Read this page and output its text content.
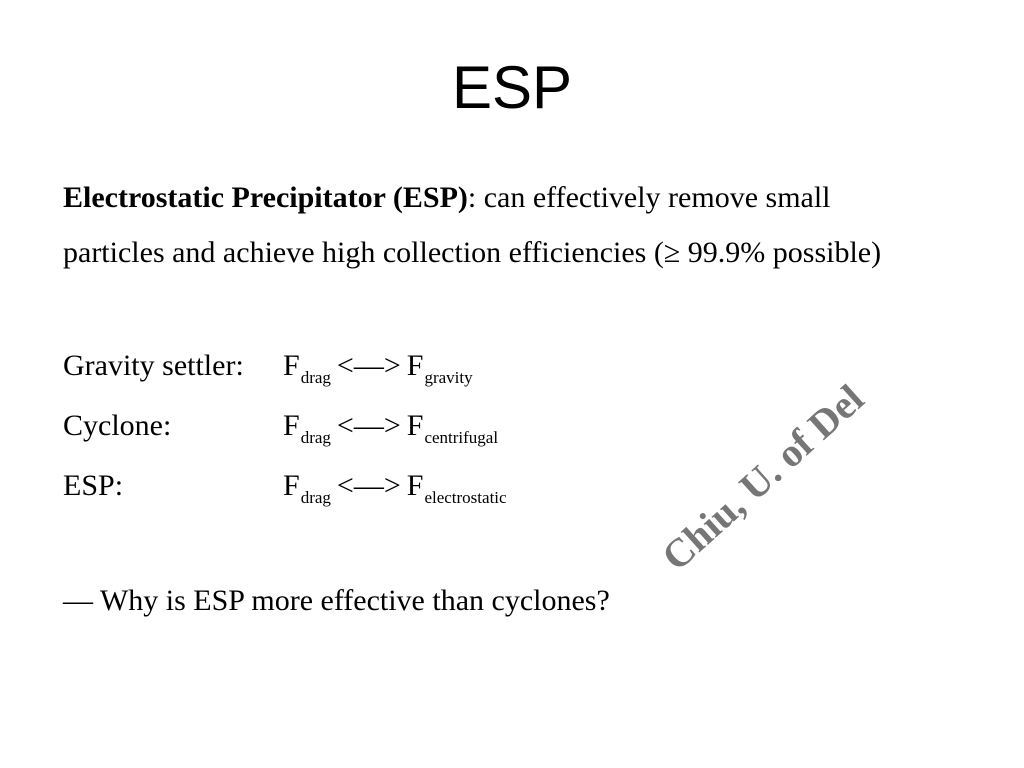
ESP
Electrostatic Precipitator (ESP): can effectively remove small
particles and achieve high collection efficiencies (≥ 99.9% possible)
Gravity settler: $F_{drag}$ <—> $F_{gravity}$
Cyclone:	$F_{drag}$ <—> $F_{centrifugal}$
ESP:	$F_{drag}$ <—> $F_{electrostatic}$
— Why is ESP more effective than cyclones?
Chiu, U. of Del
